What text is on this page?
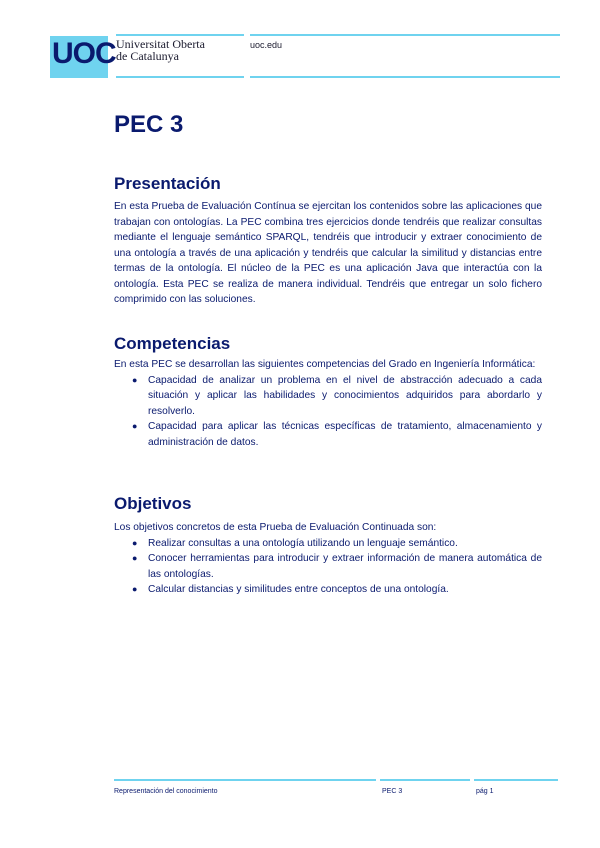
UOC Universitat Oberta
de Catalunya
uoc.edu
PEC 3
Presentación

En esta Prueba de Evaluación Contínua se ejercitan los contenidos sobre las aplicaciones que trabajan con ontologías. La PEC combina tres ejercicios donde tendréis que realizar consultas mediante el lenguaje semántico SPARQL, tendréis que introducir y extraer conocimiento de una ontología a través de una aplicación y tendréis que calcular la similitud y distancias entre termas de la ontología. El núcleo de la PEC es una aplicación Java que interactúa con la ontología. Esta PEC se realiza de manera individual. Tendréis que entregar un solo fichero comprimido con las soluciones.

Competencias

En esta PEC se desarrollan las siguientes competencias del Grado en Ingeniería Informática:

● Capacidad de analizar un problema en el nivel de abstracción adecuado a cada situación y aplicar las habilidades y conocimientos adquiridos para abordarlo y resolverlo.
● Capacidad para aplicar las técnicas específicas de tratamiento, almacenamiento y administración de datos.
Objetivos

Los objetivos concretos de esta Prueba de Evaluación Continuada son:

● Realizar consultas a una ontología utilizando un lenguaje semántico.
● Conocer herramientas para introducir y extraer información de manera automática de las ontologías.
● Calcular distancias y similitudes entre conceptos de una ontología.
Representación del conocimiento	PEC 3	pág 1
